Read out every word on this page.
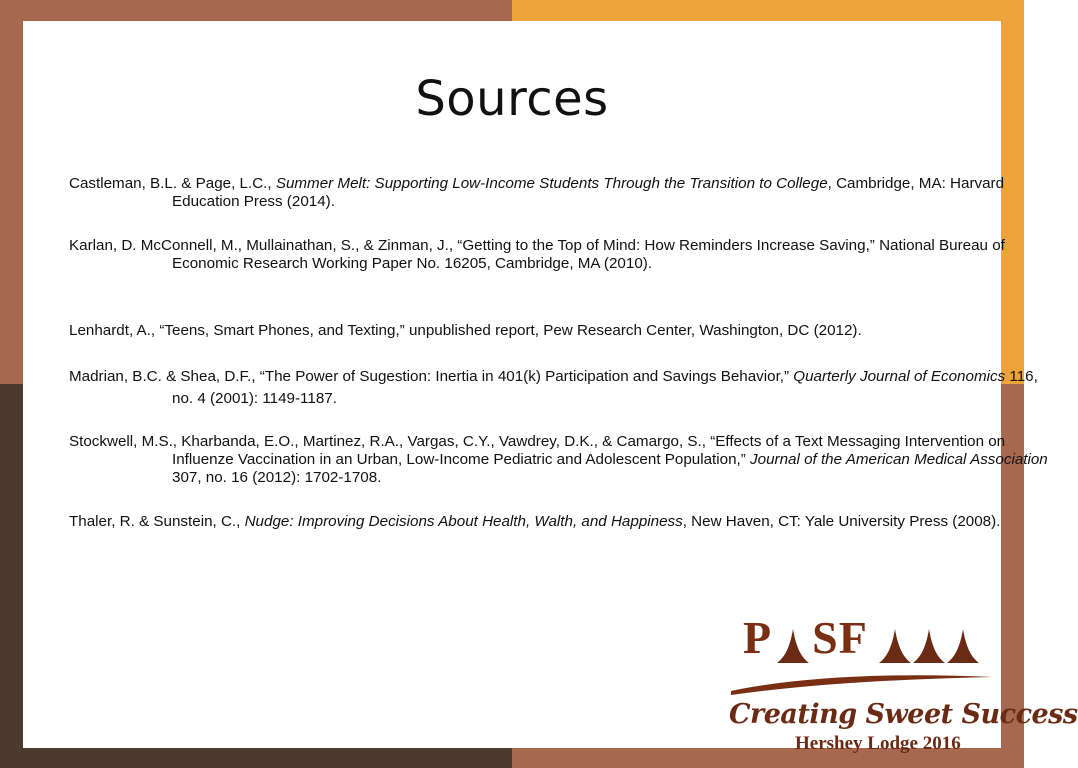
Sources
Castleman, B.L. & Page, L.C., Summer Melt: Supporting Low-Income Students Through the Transition to College, Cambridge, MA: Harvard Education Press (2014).
Karlan, D. McConnell, M., Mullainathan, S., & Zinman, J., “Getting to the Top of Mind: How Reminders Increase Saving,” National Bureau of Economic Research Working Paper No. 16205, Cambridge, MA (2010).
Lenhardt, A., “Teens, Smart Phones, and Texting,” unpublished report, Pew Research Center, Washington, DC (2012).
Madrian, B.C. & Shea, D.F., “The Power of Sugestion: Inertia in 401(k) Participation and Savings Behavior,” Quarterly Journal of Economics 116, no. 4 (2001): 1149-1187.
Stockwell, M.S., Kharbanda, E.O., Martinez, R.A., Vargas, C.Y., Vawdrey, D.K., & Camargo, S., “Effects of a Text Messaging Intervention on Influenze Vaccination in an Urban, Low-Income Pediatric and Adolescent Population,” Journal of the American Medical Association 307, no. 16 (2012): 1702-1708.
Thaler, R. & Sunstein, C., Nudge: Improving Decisions About Health, Walth, and Happiness, New Haven, CT: Yale University Press (2008).
P SF
Creating Sweet Success
Hershey Lodge 2016
